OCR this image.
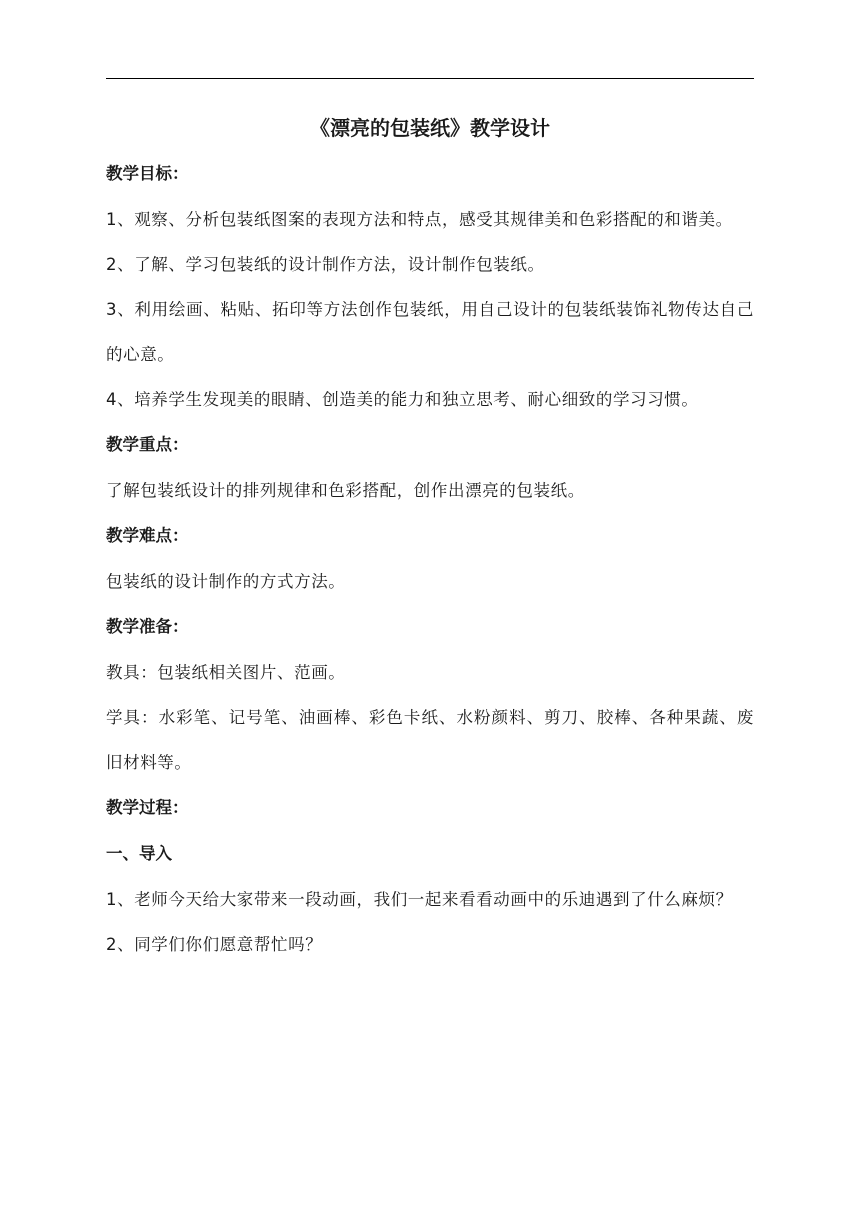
《漂亮的包装纸》教学设计
教学目标：

1、观察、分析包装纸图案的表现方法和特点，感受其规律美和色彩搭配的和谐美。

2、了解、学习包装纸的设计制作方法，设计制作包装纸。

3、利用绘画、粘贴、拓印等方法创作包装纸，用自己设计的包装纸装饰礼物传达自己的心意。

4、培养学生发现美的眼睛、创造美的能力和独立思考、耐心细致的学习习惯。

教学重点：

了解包装纸设计的排列规律和色彩搭配，创作出漂亮的包装纸。

教学难点：

包装纸的设计制作的方式方法。

教学准备：

教具：包装纸相关图片、范画。

学具：水彩笔、记号笔、油画棒、彩色卡纸、水粉颜料、剪刀、胶棒、各种果蔬、废旧材料等。

教学过程：
一、导入

1、老师今天给大家带来一段动画，我们一起来看看动画中的乐迪遇到了什么麻烦？

2、同学们你们愿意帮忙吗？
